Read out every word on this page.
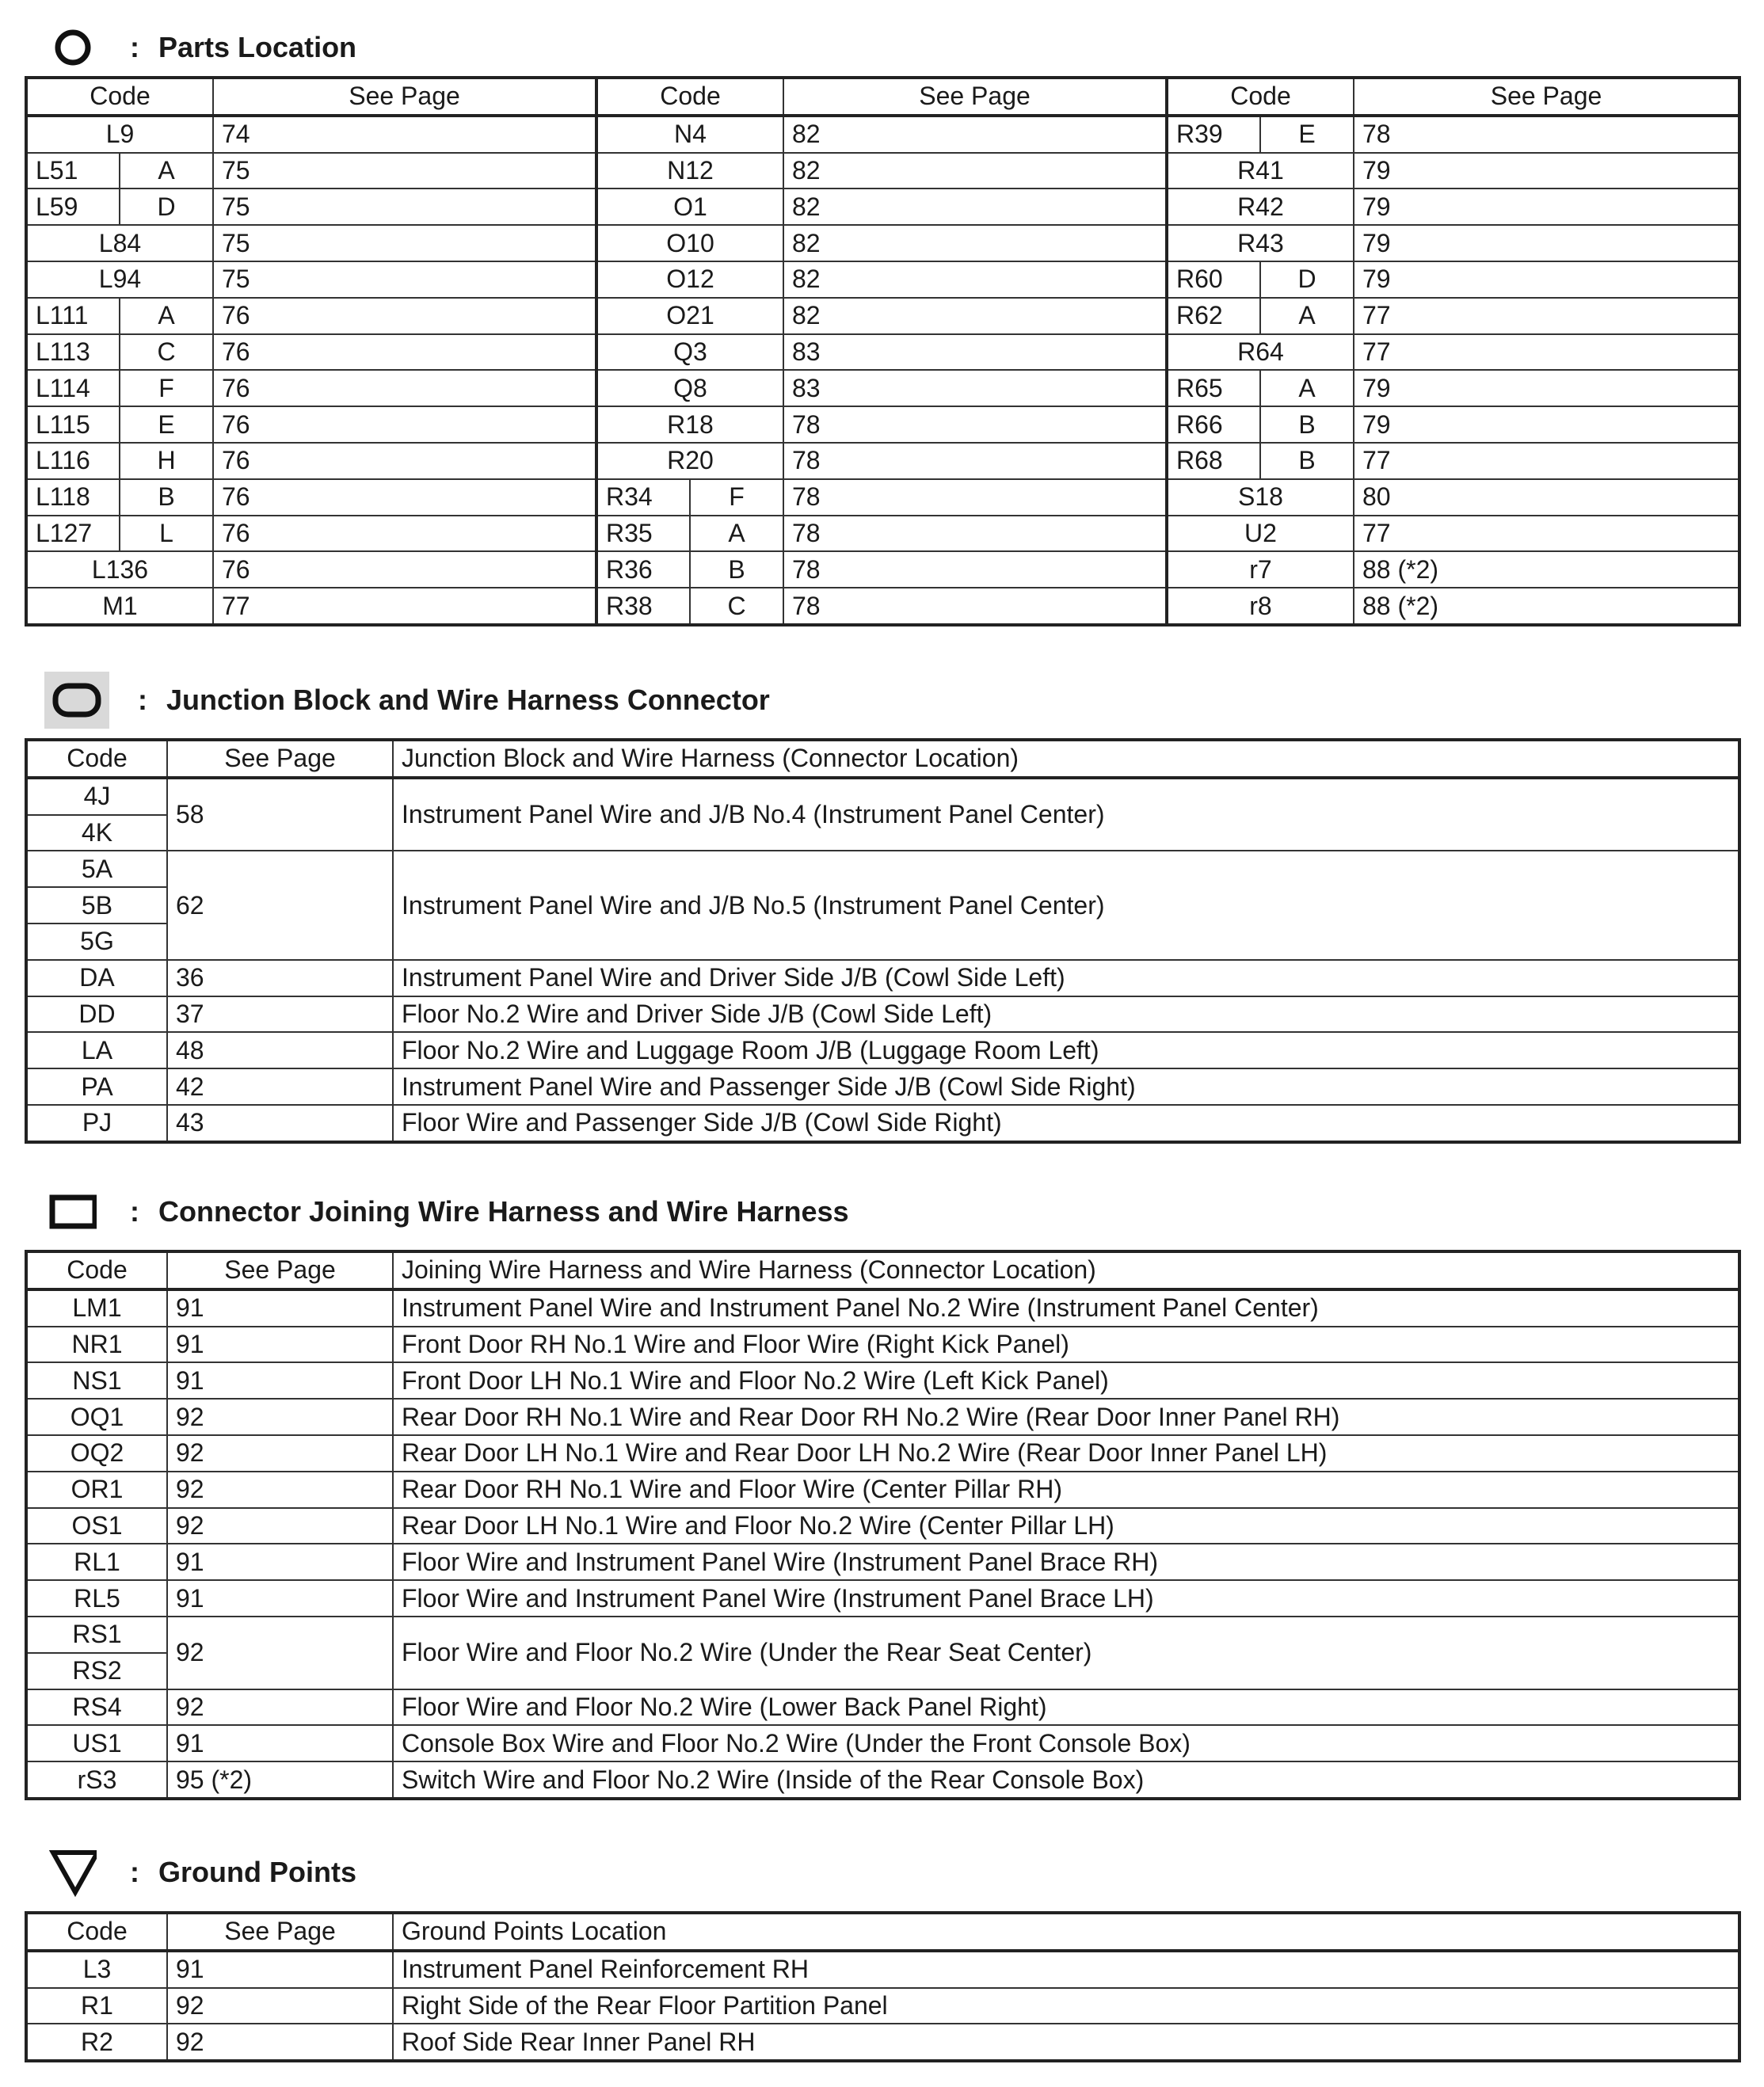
: Parts Location
Code		See Page	Code		See Page	Code		See Page
L9		74	N4		82	R39	E	78
L51	A	75	N12		82	R41		79
L59	D	75	O1		82	R42		79
L84		75	O10		82	R43		79
L94		75	O12		82	R60	D	79
L111	A	76	O21		82	R62	A	77
L113	C	76	Q3		83	R64		77
L114	F	76	Q8		83	R65	A	79
L115	E	76	R18		78	R66	B	79
L116	H	76	R20		78	R68	B	77
L118	B	76	R34	F	78	S18		80
L127	L	76	R35	A	78	U2		77
L136		76	R36	B	78	r7		88 (*2)
M1		77	R38	C	78	r8		88 (*2)
: Junction Block and Wire Harness Connector
Code	See Page	Junction Block and Wire Harness (Connector Location)
4J	58	Instrument Panel Wire and J/B No.4 (Instrument Panel Center)
4K		
5A	62	Instrument Panel Wire and J/B No.5 (Instrument Panel Center)
5B		
5G		
DA	36	Instrument Panel Wire and Driver Side J/B (Cowl Side Left)
DD	37	Floor No.2 Wire and Driver Side J/B (Cowl Side Left)
LA	48	Floor No.2 Wire and Luggage Room J/B (Luggage Room Left)
PA	42	Instrument Panel Wire and Passenger Side J/B (Cowl Side Right)
PJ	43	Floor Wire and Passenger Side J/B (Cowl Side Right)
: Connector Joining Wire Harness and Wire Harness
Code	See Page	Joining Wire Harness and Wire Harness (Connector Location)
LM1	91	Instrument Panel Wire and Instrument Panel No.2 Wire (Instrument Panel Center)
NR1	91	Front Door RH No.1 Wire and Floor Wire (Right Kick Panel)
NS1	91	Front Door LH No.1 Wire and Floor No.2 Wire (Left Kick Panel)
OQ1	92	Rear Door RH No.1 Wire and Rear Door RH No.2 Wire (Rear Door Inner Panel RH)
OQ2	92	Rear Door LH No.1 Wire and Rear Door LH No.2 Wire (Rear Door Inner Panel LH)
OR1	92	Rear Door RH No.1 Wire and Floor Wire (Center Pillar RH)
OS1	92	Rear Door LH No.1 Wire and Floor No.2 Wire (Center Pillar LH)
RL1	91	Floor Wire and Instrument Panel Wire (Instrument Panel Brace RH)
RL5	91	Floor Wire and Instrument Panel Wire (Instrument Panel Brace LH)
RS1	92	Floor Wire and Floor No.2 Wire (Under the Rear Seat Center)
RS2		
RS4	92	Floor Wire and Floor No.2 Wire (Lower Back Panel Right)
US1	91	Console Box Wire and Floor No.2 Wire (Under the Front Console Box)
rS3	95 (*2)	Switch Wire and Floor No.2 Wire (Inside of the Rear Console Box)
: Ground Points
Code	See Page	Ground Points Location
L3	91	Instrument Panel Reinforcement RH
R1	92	Right Side of the Rear Floor Partition Panel
R2	92	Roof Side Rear Inner Panel RH
